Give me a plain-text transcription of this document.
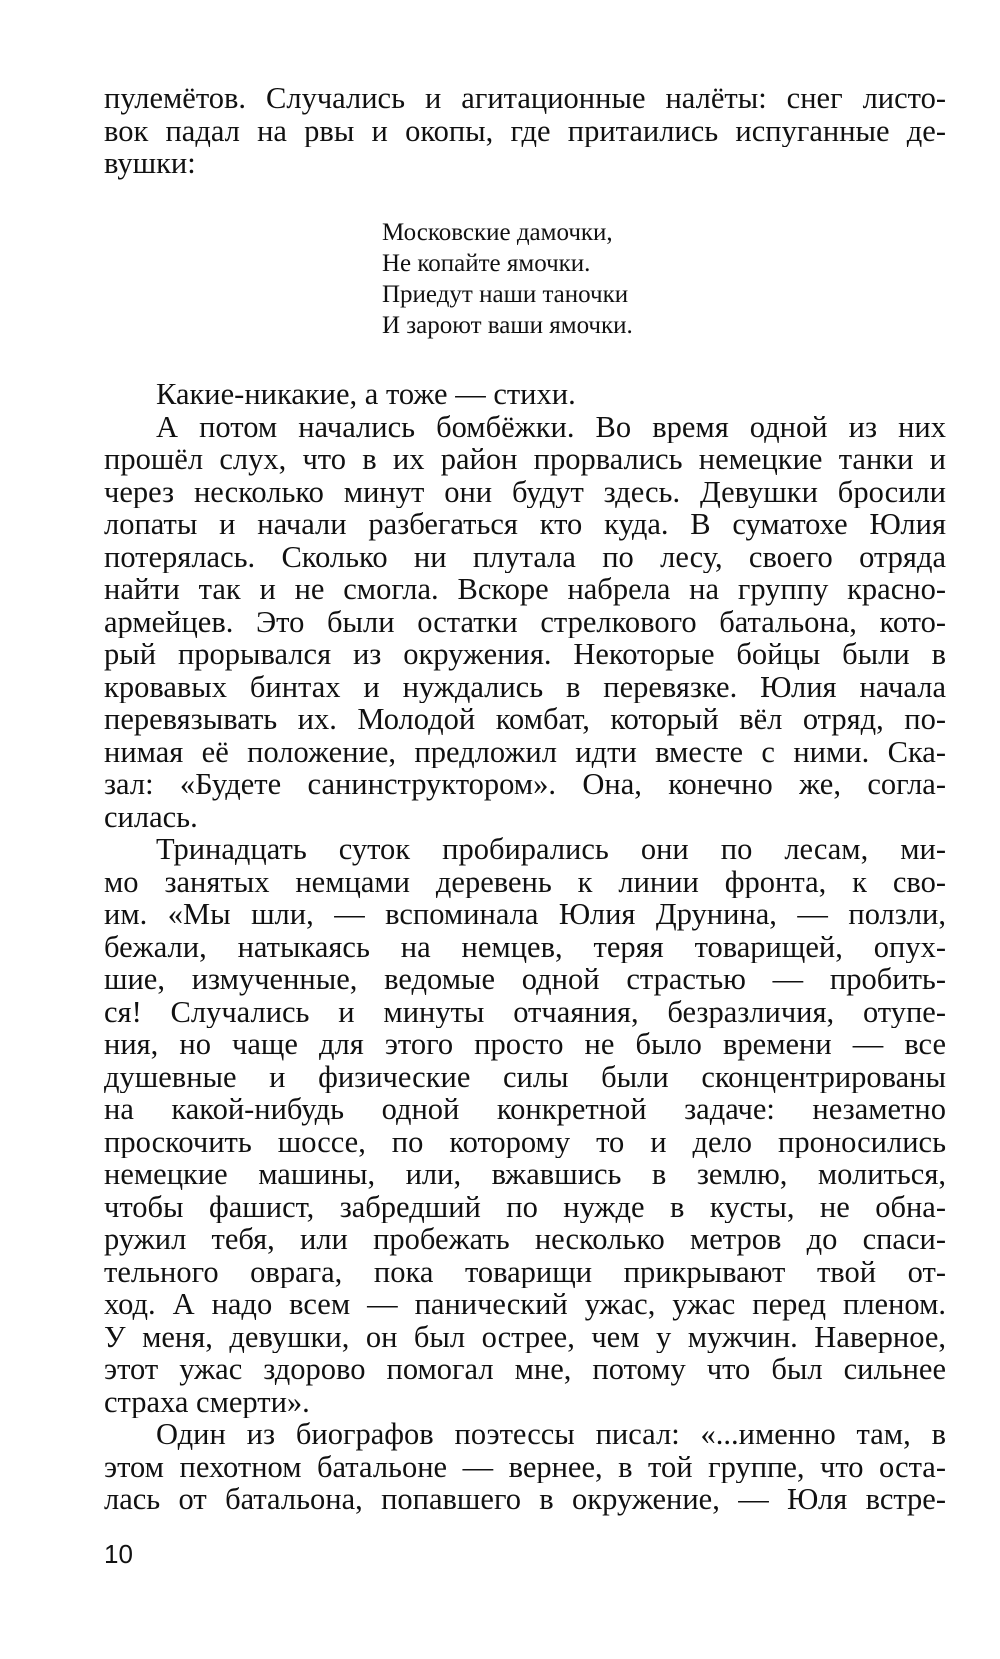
пулемётов. Случались и агитационные налёты: снег листо-
вок падал на рвы и окопы, где притаились испуганные де-
вушки:
Московские дамочки,
Не копайте ямочки.
Приедут наши таночки
И зароют ваши ямочки.
Какие-никакие, а тоже — стихи.
А потом начались бомбёжки. Во время одной из них
прошёл слух, что в их район прорвались немецкие танки и
через несколько минут они будут здесь. Девушки бросили
лопаты и начали разбегаться кто куда. В суматохе Юлия
потерялась. Сколько ни плутала по лесу, своего отряда
найти так и не смогла. Вскоре набрела на группу красно-
армейцев. Это были остатки стрелкового батальона, кото-
рый прорывался из окружения. Некоторые бойцы были в
кровавых бинтах и нуждались в перевязке. Юлия начала
перевязывать их. Молодой комбат, который вёл отряд, по-
нимая её положение, предложил идти вместе с ними. Ска-
зал: «Будете санинструктором». Она, конечно же, согла-
силась.
Тринадцать суток пробирались они по лесам, ми-
мо занятых немцами деревень к линии фронта, к сво-
им. «Мы шли, — вспоминала Юлия Друнина, — ползли,
бежали, натыкаясь на немцев, теряя товарищей, опух-
шие, измученные, ведомые одной страстью — пробить-
ся! Случались и минуты отчаяния, безразличия, отупе-
ния, но чаще для этого просто не было времени — все
душевные и физические силы были сконцентрированы
на какой-нибудь одной конкретной задаче: незаметно
проскочить шоссе, по которому то и дело проносились
немецкие машины, или, вжавшись в землю, молиться,
чтобы фашист, забредший по нужде в кусты, не обна-
ружил тебя, или пробежать несколько метров до спаси-
тельного оврага, пока товарищи прикрывают твой от-
ход. А надо всем — панический ужас, ужас перед пленом.
У меня, девушки, он был острее, чем у мужчин. Наверное,
этот ужас здорово помогал мне, потому что был сильнее
страха смерти».
Один из биографов поэтессы писал: «...именно там, в
этом пехотном батальоне — вернее, в той группе, что оста-
лась от батальона, попавшего в окружение, — Юля встре-
10
